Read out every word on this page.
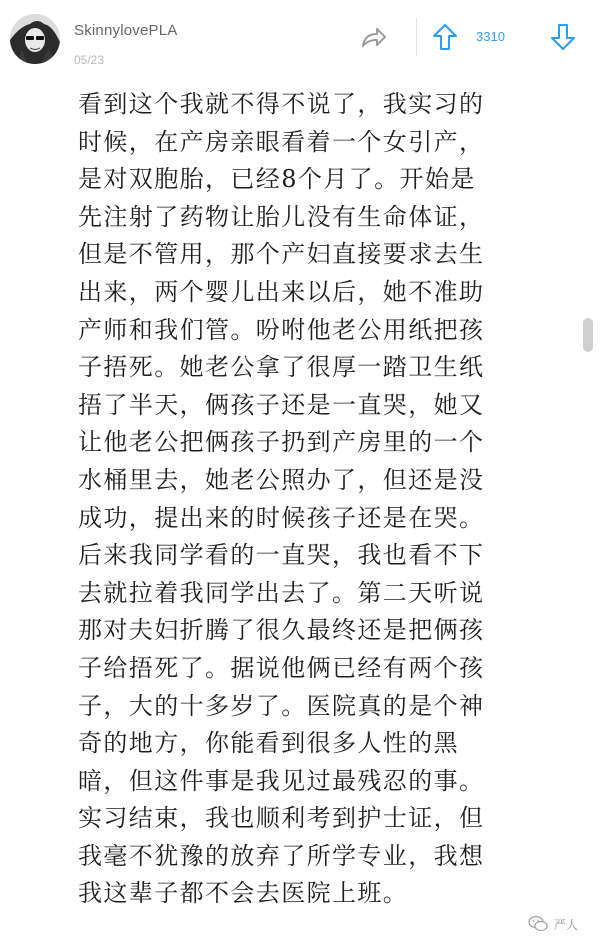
SkinnylovePLA
05/23
3310
看到这个我就不得不说了，我实习的
时候，在产房亲眼看着一个女引产，
是对双胞胎，已经8个月了。开始是
先注射了药物让胎儿没有生命体证，
但是不管用，那个产妇直接要求去生
出来，两个婴儿出来以后，她不准助
产师和我们管。吩咐他老公用纸把孩
子捂死。她老公拿了很厚一踏卫生纸
捂了半天，俩孩子还是一直哭，她又
让他老公把俩孩子扔到产房里的一个
水桶里去，她老公照办了，但还是没
成功，提出来的时候孩子还是在哭。
后来我同学看的一直哭，我也看不下
去就拉着我同学出去了。第二天听说
那对夫妇折腾了很久最终还是把俩孩
子给捂死了。据说他俩已经有两个孩
子，大的十多岁了。医院真的是个神
奇的地方，你能看到很多人性的黑
暗，但这件事是我见过最残忍的事。
实习结束，我也顺利考到护士证，但
我毫不犹豫的放弃了所学专业，我想
我这辈子都不会去医院上班。
严人
